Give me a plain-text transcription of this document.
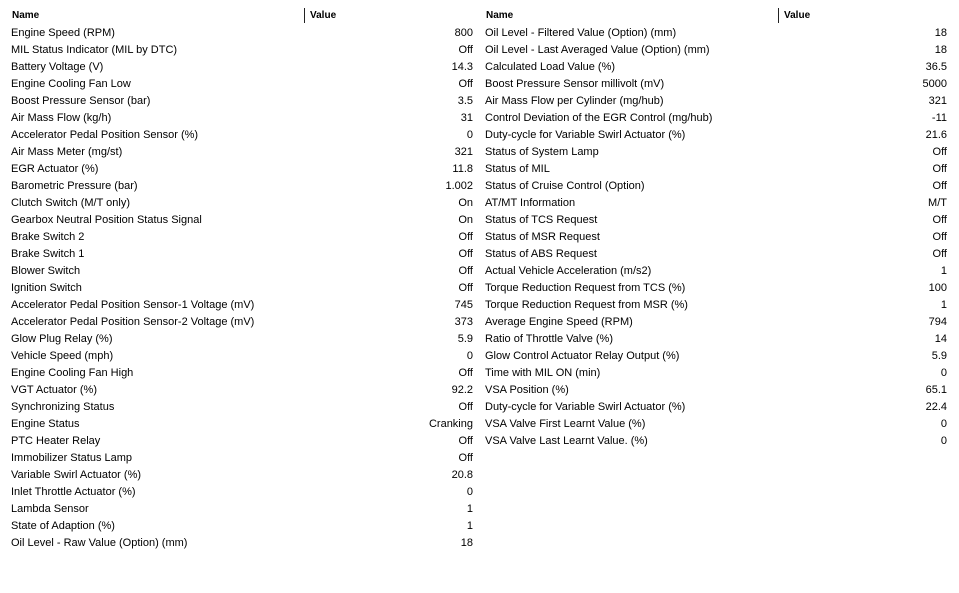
Name	Value
Engine Speed (RPM)	800
MIL Status Indicator (MIL by DTC)	Off
Battery Voltage (V)	14.3
Engine Cooling Fan Low	Off
Boost Pressure Sensor (bar)	3.5
Air Mass Flow (kg/h)	31
Accelerator Pedal Position Sensor (%)	0
Air Mass Meter (mg/st)	321
EGR Actuator (%)	11.8
Barometric Pressure (bar)	1.002
Clutch Switch (M/T only)	On
Gearbox Neutral Position Status Signal	On
Brake Switch 2	Off
Brake Switch 1	Off
Blower Switch	Off
Ignition Switch	Off
Accelerator Pedal Position Sensor-1 Voltage (mV)	745
Accelerator Pedal Position Sensor-2 Voltage (mV)	373
Glow Plug Relay (%)	5.9
Vehicle Speed (mph)	0
Engine Cooling Fan High	Off
VGT Actuator (%)	92.2
Synchronizing Status	Off
Engine Status	Cranking
PTC Heater Relay	Off
Immobilizer Status Lamp	Off
Variable Swirl Actuator (%)	20.8
Inlet Throttle Actuator (%)	0
Lambda Sensor	1
State of Adaption (%)	1
Oil Level - Raw Value (Option) (mm)	18
Name	Value
Oil Level - Filtered Value (Option) (mm)	18
Oil Level - Last Averaged Value (Option) (mm)	18
Calculated Load Value (%)	36.5
Boost Pressure Sensor millivolt (mV)	5000
Air Mass Flow per Cylinder (mg/hub)	321
Control Deviation of the EGR Control (mg/hub)	-11
Duty-cycle for Variable Swirl Actuator (%)	21.6
Status of System Lamp	Off
Status of MIL	Off
Status of Cruise Control (Option)	Off
AT/MT Information	M/T
Status of TCS Request	Off
Status of MSR Request	Off
Status of ABS Request	Off
Actual Vehicle Acceleration (m/s2)	1
Torque Reduction Request from TCS (%)	100
Torque Reduction Request from MSR (%)	1
Average Engine Speed (RPM)	794
Ratio of Throttle Valve (%)	14
Glow Control Actuator Relay Output (%)	5.9
Time with MIL ON (min)	0
VSA Position (%)	65.1
Duty-cycle for Variable Swirl Actuator (%)	22.4
VSA Valve First Learnt Value (%)	0
VSA Valve Last Learnt Value. (%)	0
